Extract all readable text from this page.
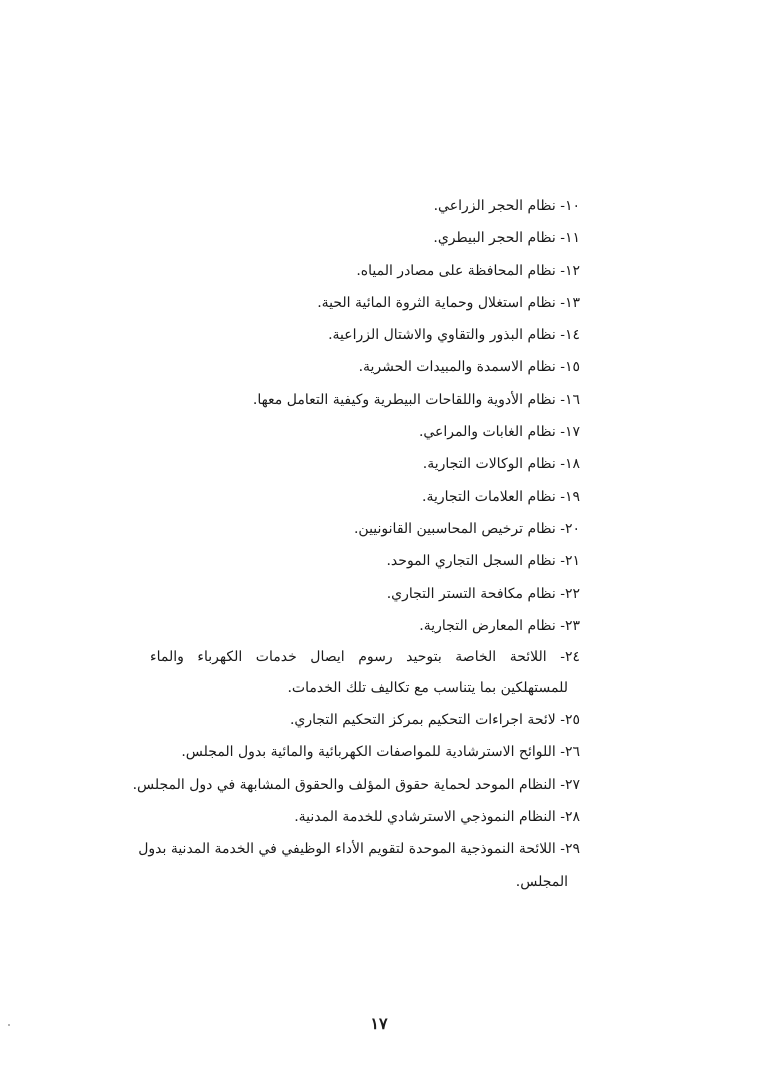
١٠- نظام الحجر الزراعي.
١١- نظام الحجر البيطري.
١٢- نظام المحافظة على مصادر المياه.
١٣- نظام استغلال وحماية الثروة المائية الحية.
١٤- نظام البذور والتقاوي والاشتال الزراعية.
١٥- نظام الاسمدة والمبيدات الحشرية.
١٦- نظام الأدوية واللقاحات البيطرية وكيفية التعامل معها.
١٧- نظام الغابات والمراعي.
١٨- نظام الوكالات التجارية.
١٩- نظام العلامات التجارية.
٢٠- نظام ترخيص المحاسبين القانونيين.
٢١- نظام السجل التجاري الموحد.
٢٢- نظام مكافحة التستر التجاري.
٢٣- نظام المعارض التجارية.
٢٤- اللائحة الخاصة بتوحيد رسوم ايصال خدمات الكهرباء والماء
للمستهلكين بما يتناسب مع تكاليف تلك الخدمات.
٢٥- لائحة اجراءات التحكيم بمركز التحكيم التجاري.
٢٦- اللوائح الاسترشادية للمواصفات الكهربائية والمائية بدول المجلس.
٢٧- النظام الموحد لحماية حقوق المؤلف والحقوق المشابهة في دول المجلس.
٢٨- النظام النموذجي الاسترشادي للخدمة المدنية.
٢٩- اللائحة النموذجية الموحدة لتقويم الأداء الوظيفي في الخدمة المدنية بدول
المجلس.
١٧
